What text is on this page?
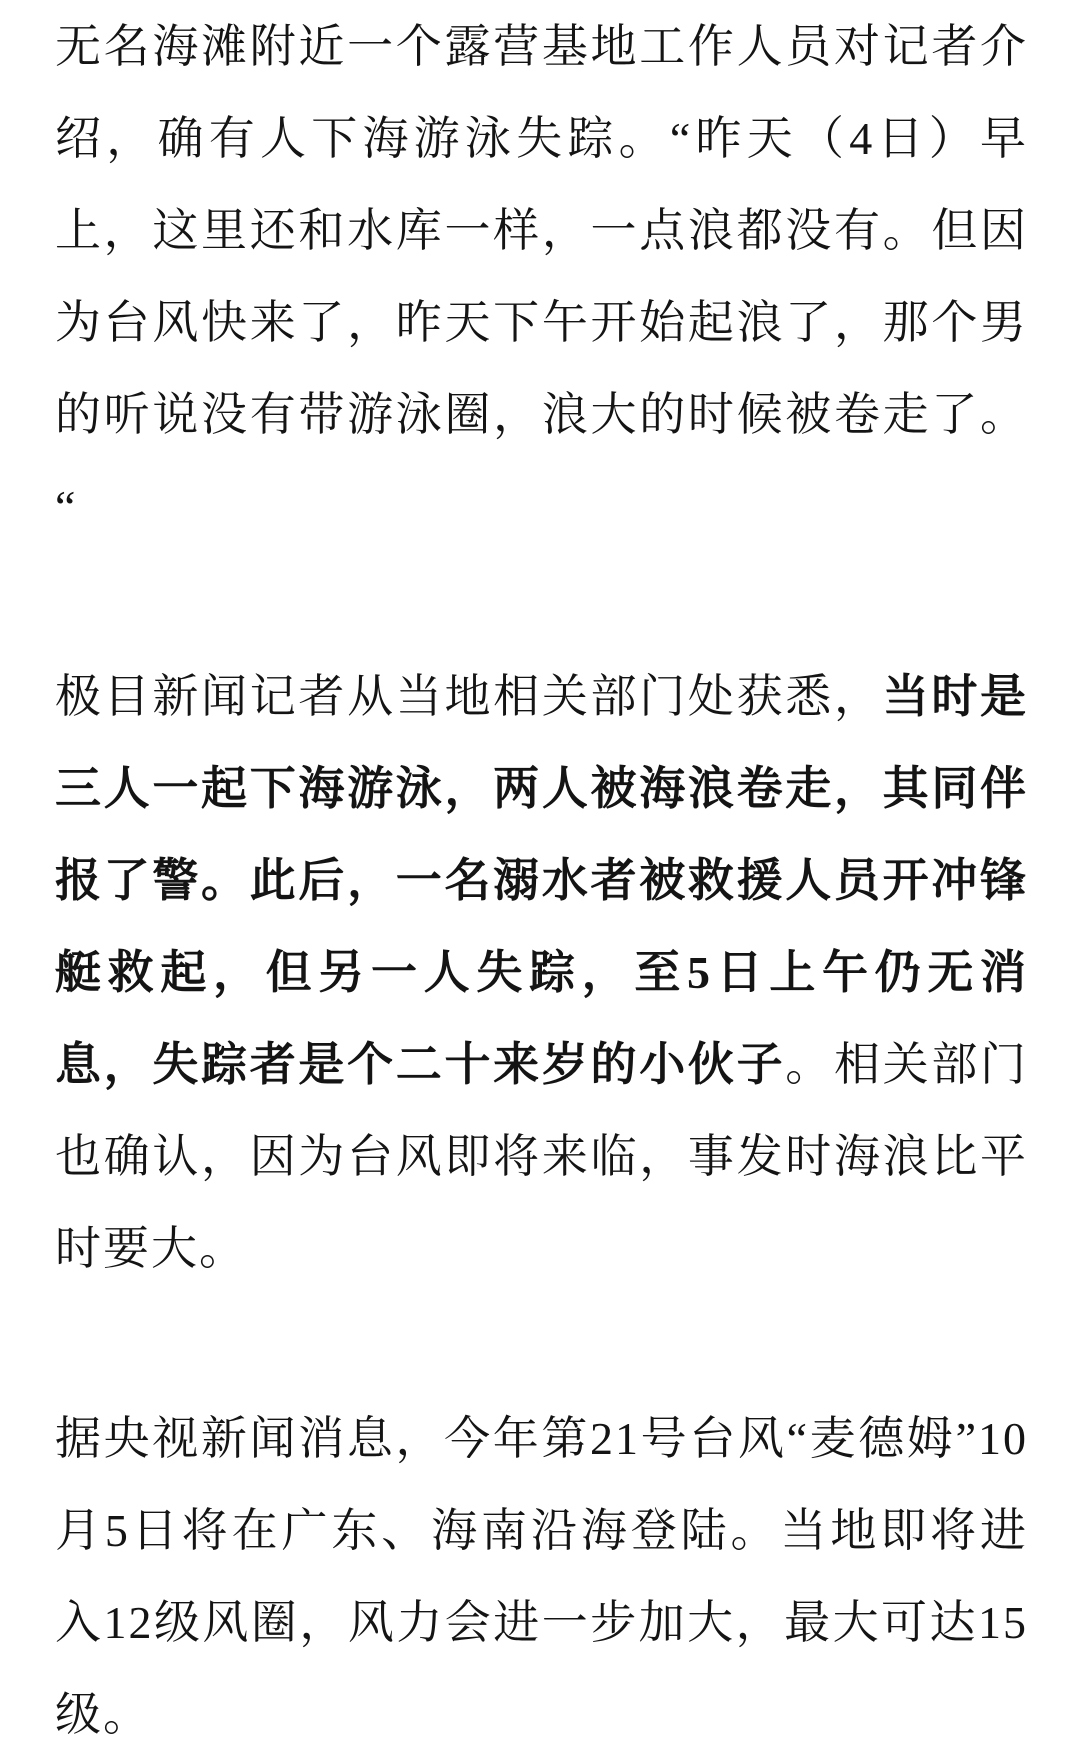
无名海滩附近一个露营基地工作人员对记者介绍，确有人下海游泳失踪。“昨天（4日）早上，这里还和水库一样，一点浪都没有。但因为台风快来了，昨天下午开始起浪了，那个男的听说没有带游泳圈，浪大的时候被卷走了。“

极目新闻记者从当地相关部门处获悉，当时是三人一起下海游泳，两人被海浪卷走，其同伴报了警。此后，一名溺水者被救援人员开冲锋艇救起，但另一人失踪，至5日上午仍无消息，失踪者是个二十来岁的小伙子。相关部门也确认，因为台风即将来临，事发时海浪比平时要大。

据央视新闻消息，今年第21号台风“麦德姆”10月5日将在广东、海南沿海登陆。当地即将进入12级风圈，风力会进一步加大，最大可达15级。
